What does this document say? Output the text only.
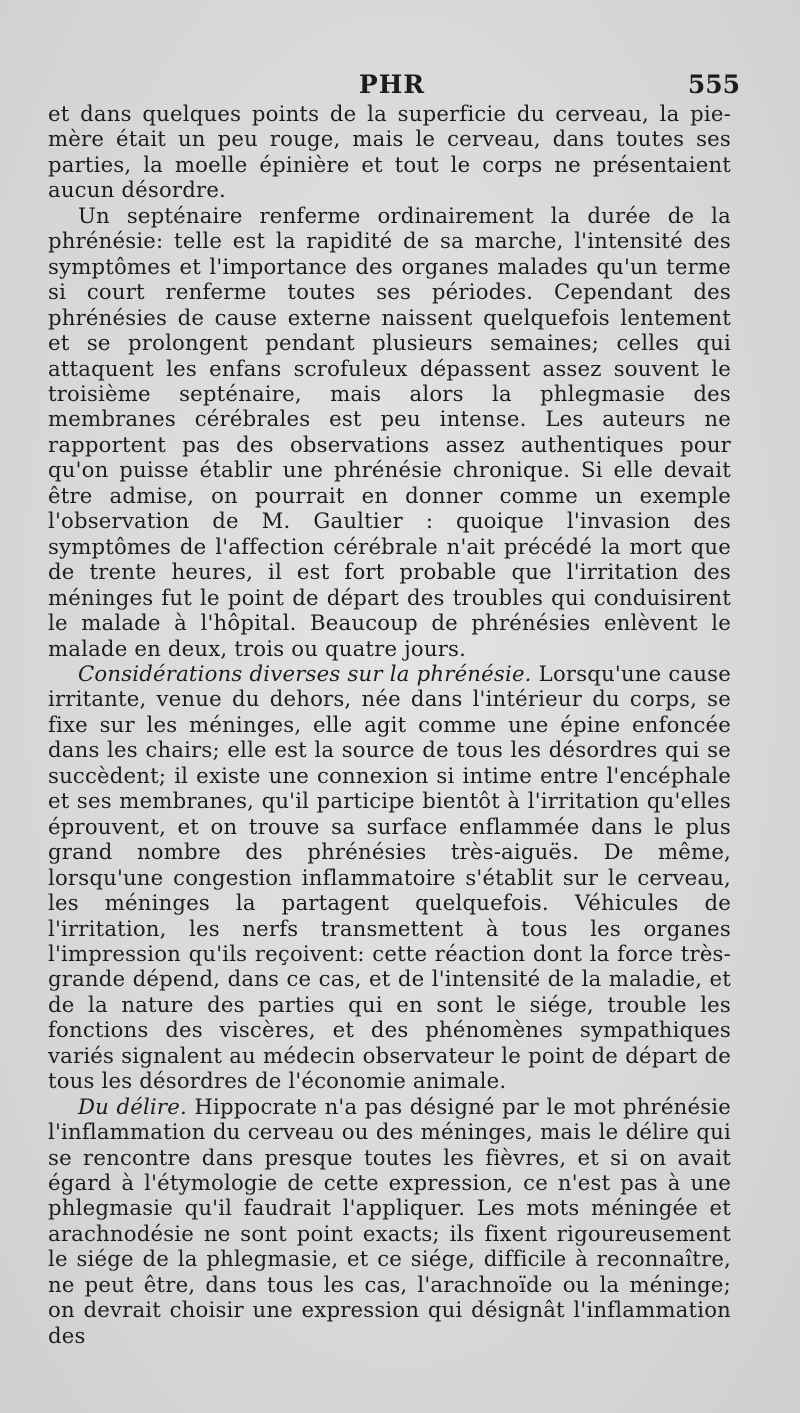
PHR	555

et dans quelques points de la superficie du cerveau, la pie-mère était un peu rouge, mais le cerveau, dans toutes ses parties, la moelle épinière et tout le corps ne présentaient aucun désordre.

Un septénaire renferme ordinairement la durée de la phrénésie: telle est la rapidité de sa marche, l'intensité des symptômes et l'importance des organes malades qu'un terme si court renferme toutes ses périodes. Cependant des phrénésies de cause externe naissent quelquefois lentement et se prolongent pendant plusieurs semaines; celles qui attaquent les enfans scrofuleux dépassent assez souvent le troisième septénaire, mais alors la phlegmasie des membranes cérébrales est peu intense. Les auteurs ne rapportent pas des observations assez authentiques pour qu'on puisse établir une phrénésie chronique. Si elle devait être admise, on pourrait en donner comme un exemple l'observation de M. Gaultier : quoique l'invasion des symptômes de l'affection cérébrale n'ait précédé la mort que de trente heures, il est fort probable que l'irritation des méninges fut le point de départ des troubles qui conduisirent le malade à l'hôpital. Beaucoup de phrénésies enlèvent le malade en deux, trois ou quatre jours.

Considérations diverses sur la phrénésie. Lorsqu'une cause irritante, venue du dehors, née dans l'intérieur du corps, se fixe sur les méninges, elle agit comme une épine enfoncée dans les chairs; elle est la source de tous les désordres qui se succèdent; il existe une connexion si intime entre l'encéphale et ses membranes, qu'il participe bientôt à l'irritation qu'elles éprouvent, et on trouve sa surface enflammée dans le plus grand nombre des phrénésies très-aiguës. De même, lorsqu'une congestion inflammatoire s'établit sur le cerveau, les méninges la partagent quelquefois. Véhicules de l'irritation, les nerfs transmettent à tous les organes l'impression qu'ils reçoivent: cette réaction dont la force très-grande dépend, dans ce cas, et de l'intensité de la maladie, et de la nature des parties qui en sont le siége, trouble les fonctions des viscères, et des phénomènes sympathiques variés signalent au médecin observateur le point de départ de tous les désordres de l'économie animale.

Du délire. Hippocrate n'a pas désigné par le mot phrénésie l'inflammation du cerveau ou des méninges, mais le délire qui se rencontre dans presque toutes les fièvres, et si on avait égard à l'étymologie de cette expression, ce n'est pas à une phlegmasie qu'il faudrait l'appliquer. Les mots méningée et arachnodésie ne sont point exacts; ils fixent rigoureusement le siége de la phlegmasie, et ce siége, difficile à reconnaître, ne peut être, dans tous les cas, l'arachnoïde ou la méninge; on devrait choisir une expression qui désignât l'inflammation des
